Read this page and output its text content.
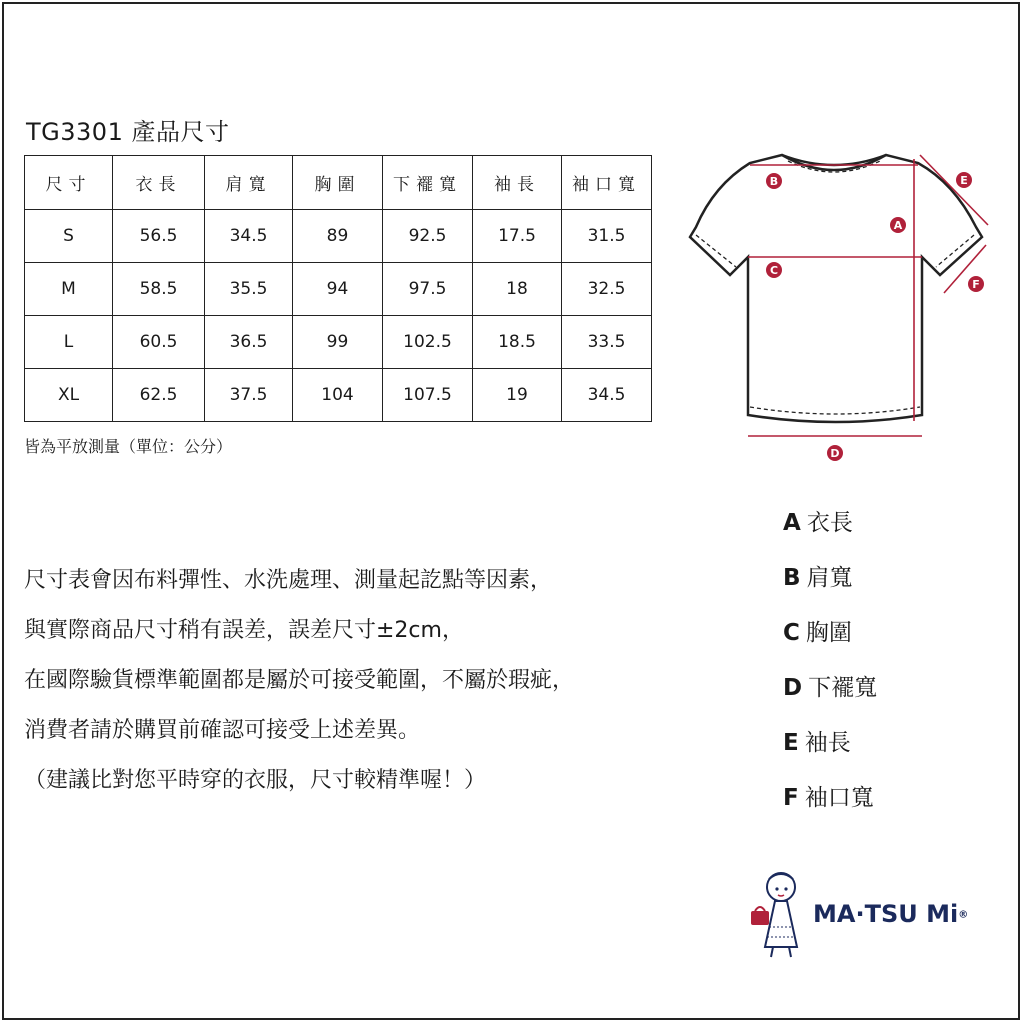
TG3301 產品尺寸
尺寸	衣長	肩寬	胸圍	下襬寬	袖長	袖口寬
S	56.5	34.5	89	92.5	17.5	31.5
M	58.5	35.5	94	97.5	18	32.5
L	60.5	36.5	99	102.5	18.5	33.5
XL	62.5	37.5	104	107.5	19	34.5
皆為平放測量（單位：公分）
尺寸表會因布料彈性、水洗處理、測量起訖點等因素，
與實際商品尺寸稍有誤差，誤差尺寸±2cm，
在國際驗貨標準範圍都是屬於可接受範圍，不屬於瑕疵，
消費者請於購買前確認可接受上述差異。
（建議比對您平時穿的衣服，尺寸較精準喔！）
A
B
C
D
E
F
A 衣長
B 肩寬
C 胸圍
D 下襬寬
E 袖長
F 袖口寬
MA·TSU Mi®
